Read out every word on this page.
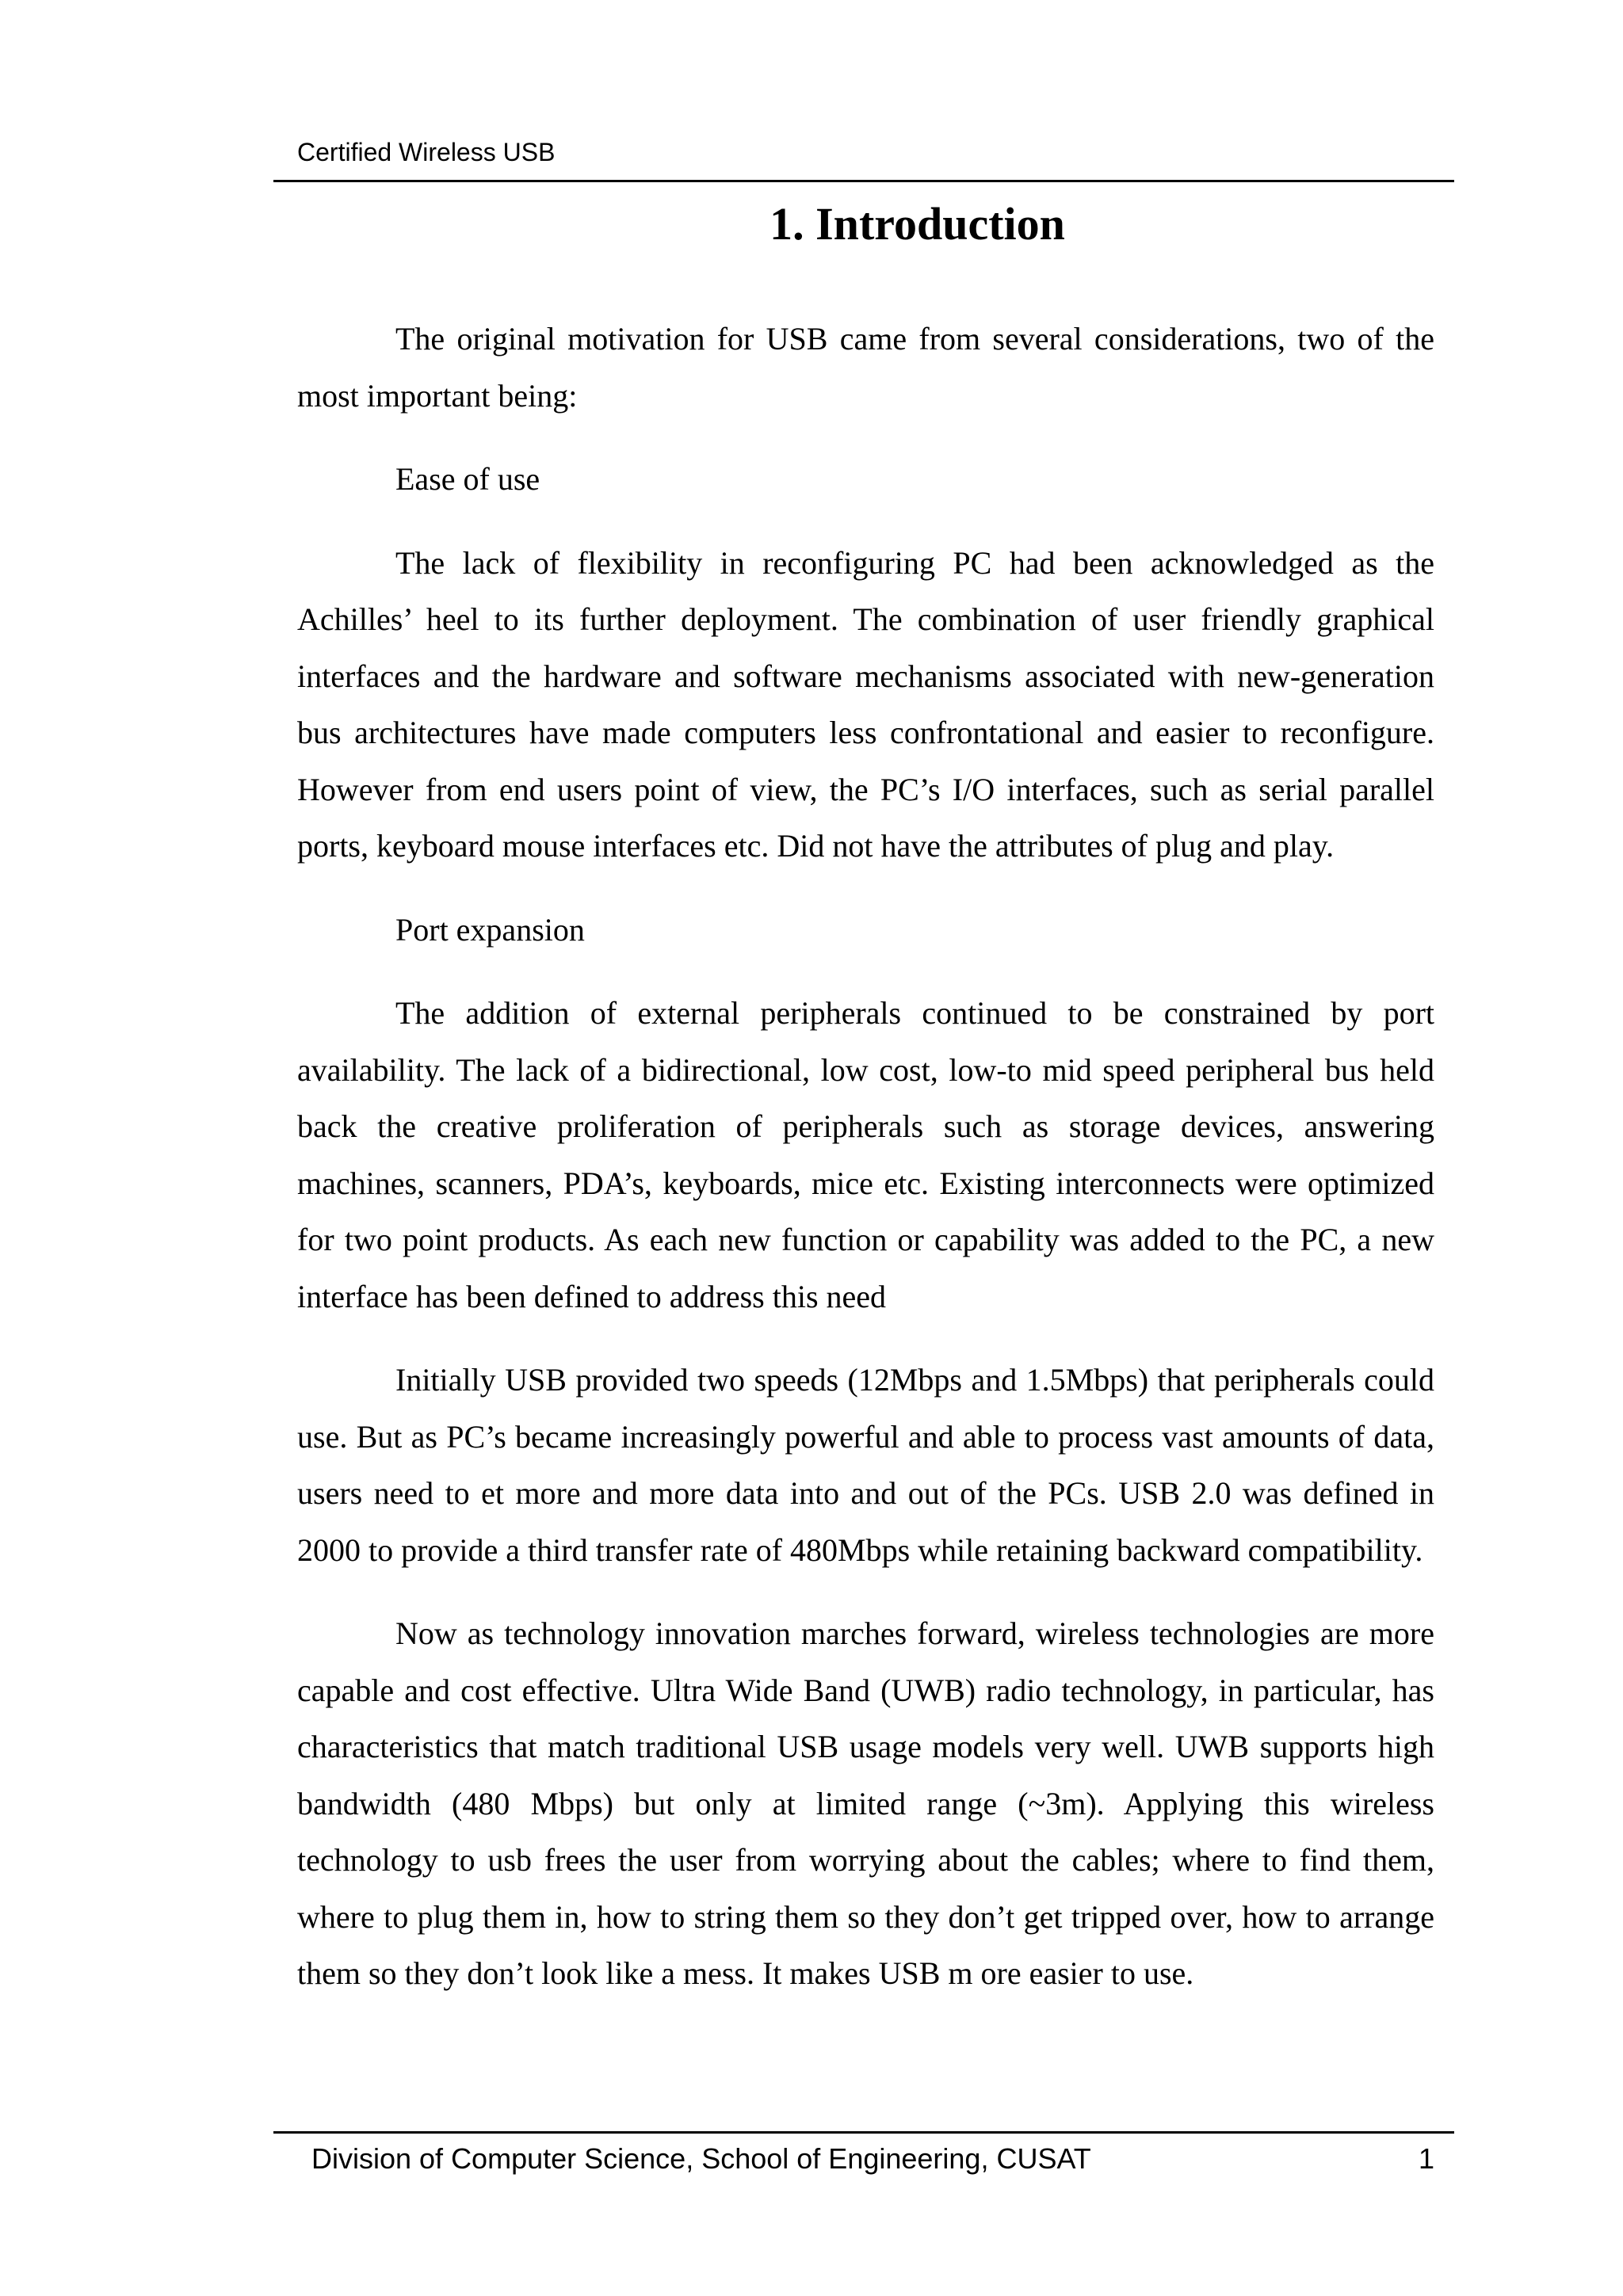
Certified Wireless USB
1. Introduction

The original motivation for USB came from several considerations, two of the most important being:

Ease of use

The lack of flexibility in reconfiguring PC had been acknowledged as the Achilles’ heel to its further deployment. The combination of user friendly graphical interfaces and the hardware and software mechanisms associated with new-generation bus architectures have made computers less confrontational and easier to reconfigure. However from end users point of view, the PC’s I/O interfaces, such as serial parallel ports, keyboard mouse interfaces etc. Did not have the attributes of plug and play.

Port expansion

The addition of external peripherals continued to be constrained by port availability. The lack of a bidirectional, low cost, low-to mid speed peripheral bus held back the creative proliferation of peripherals such as storage devices, answering machines, scanners, PDA’s, keyboards, mice etc. Existing interconnects were optimized for two point products. As each new function or capability was added to the PC, a new interface has been defined to address this need

Initially USB provided two speeds (12Mbps and 1.5Mbps) that peripherals could use. But as PC’s became increasingly powerful and able to process vast amounts of data, users need to et more and more data into and out of the PCs. USB 2.0 was defined in 2000 to provide a third transfer rate of 480Mbps while retaining backward compatibility.

Now as technology innovation marches forward, wireless technologies are more capable and cost effective. Ultra Wide Band (UWB) radio technology, in particular, has characteristics that match traditional USB usage models very well. UWB supports high bandwidth (480 Mbps) but only at limited range (~3m). Applying this wireless technology to usb frees the user from worrying about the cables; where to find them, where to plug them in, how to string them so they don’t get tripped over, how to arrange them so they don’t look like a mess. It makes USB m ore easier to use.

Division of Computer Science, School of Engineering, CUSAT	1
